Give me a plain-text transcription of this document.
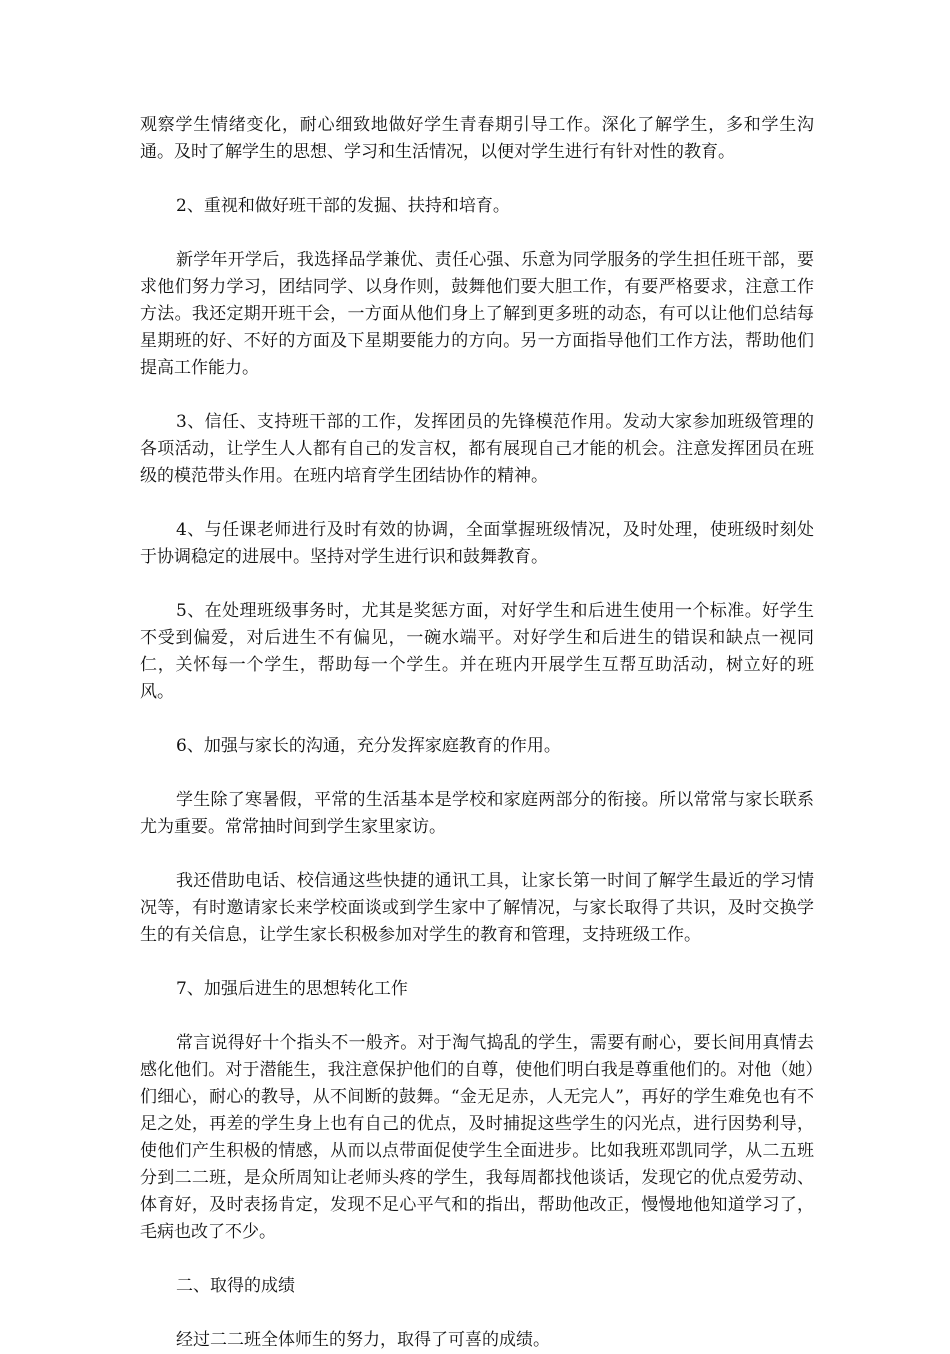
观察学生情绪变化，耐心细致地做好学生青春期引导工作。深化了解学生，多和学生沟通。及时了解学生的思想、学习和生活情况，以便对学生进行有针对性的教育。

2、重视和做好班干部的发掘、扶持和培育。

新学年开学后，我选择品学兼优、责任心强、乐意为同学服务的学生担任班干部，要求他们努力学习，团结同学、以身作则，鼓舞他们要大胆工作，有要严格要求，注意工作方法。我还定期开班干会，一方面从他们身上了解到更多班的动态，有可以让他们总结每星期班的好、不好的方面及下星期要能力的方向。另一方面指导他们工作方法，帮助他们提高工作能力。

3、信任、支持班干部的工作，发挥团员的先锋模范作用。发动大家参加班级管理的各项活动，让学生人人都有自己的发言权，都有展现自己才能的机会。注意发挥团员在班级的模范带头作用。在班内培育学生团结协作的精神。

4、与任课老师进行及时有效的协调，全面掌握班级情况，及时处理，使班级时刻处于协调稳定的进展中。坚持对学生进行识和鼓舞教育。

5、在处理班级事务时，尤其是奖惩方面，对好学生和后进生使用一个标准。好学生不受到偏爱，对后进生不有偏见，一碗水端平。对好学生和后进生的错误和缺点一视同仁，关怀每一个学生，帮助每一个学生。并在班内开展学生互帮互助活动，树立好的班风。

6、加强与家长的沟通，充分发挥家庭教育的作用。

学生除了寒暑假，平常的生活基本是学校和家庭两部分的衔接。所以常常与家长联系尤为重要。常常抽时间到学生家里家访。

我还借助电话、校信通这些快捷的通讯工具，让家长第一时间了解学生最近的学习情况等，有时邀请家长来学校面谈或到学生家中了解情况，与家长取得了共识，及时交换学生的有关信息，让学生家长积极参加对学生的教育和管理，支持班级工作。

7、加强后进生的思想转化工作

常言说得好十个指头不一般齐。对于淘气捣乱的学生，需要有耐心，要长间用真情去感化他们。对于潜能生，我注意保护他们的自尊，使他们明白我是尊重他们的。对他（她）们细心，耐心的教导，从不间断的鼓舞。“金无足赤，人无完人”，再好的学生难免也有不足之处，再差的学生身上也有自己的优点，及时捕捉这些学生的闪光点，进行因势利导，使他们产生积极的情感，从而以点带面促使学生全面进步。比如我班邓凯同学，从二五班分到二二班，是众所周知让老师头疼的学生，我每周都找他谈话，发现它的优点爱劳动、体育好，及时表扬肯定，发现不足心平气和的指出，帮助他改正，慢慢地他知道学习了，毛病也改了不少。

二、取得的成绩

经过二二班全体师生的努力，取得了可喜的成绩。
